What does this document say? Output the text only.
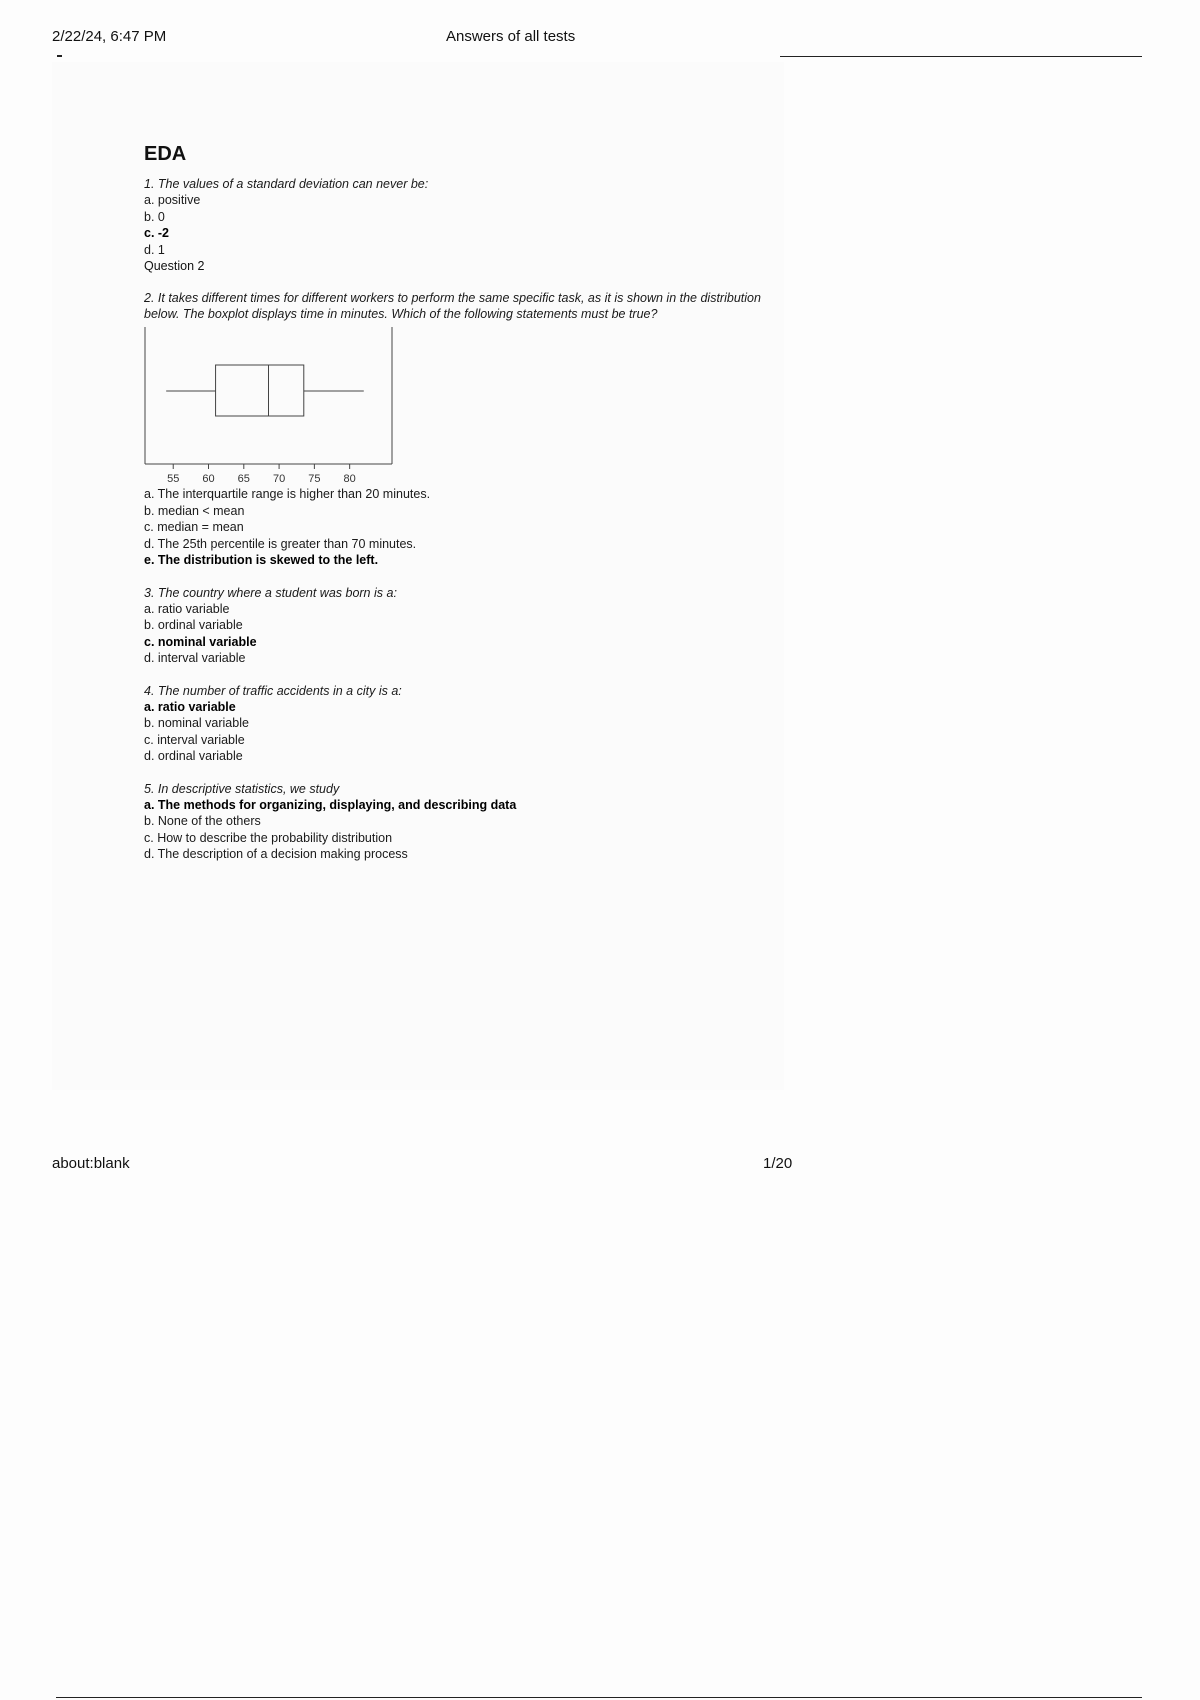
2/22/24, 6:47 PM	Answers of all tests
EDA

1. The values of a standard deviation can never be:

a. positive
b. 0
c. -2
d. 1

Question 2

2. It takes different times for different workers to perform the same specific task, as it is shown in the distribution below. The boxplot displays time in minutes. Which of the following statements must be true?

55 60 65 70 75 80
a. The interquartile range is higher than 20 minutes.
b. median < mean
c. median = mean
d. The 25th percentile is greater than 70 minutes.
e. The distribution is skewed to the left.

3. The country where a student was born is a:

a. ratio variable
b. ordinal variable
c. nominal variable
d. interval variable

4. The number of traffic accidents in a city is a:

a. ratio variable
b. nominal variable
c. interval variable
d. ordinal variable

5. In descriptive statistics, we study

a. The methods for organizing, displaying, and describing data
b. None of the others
c. How to describe the probability distribution
d. The description of a decision making process
about:blank	1/20
